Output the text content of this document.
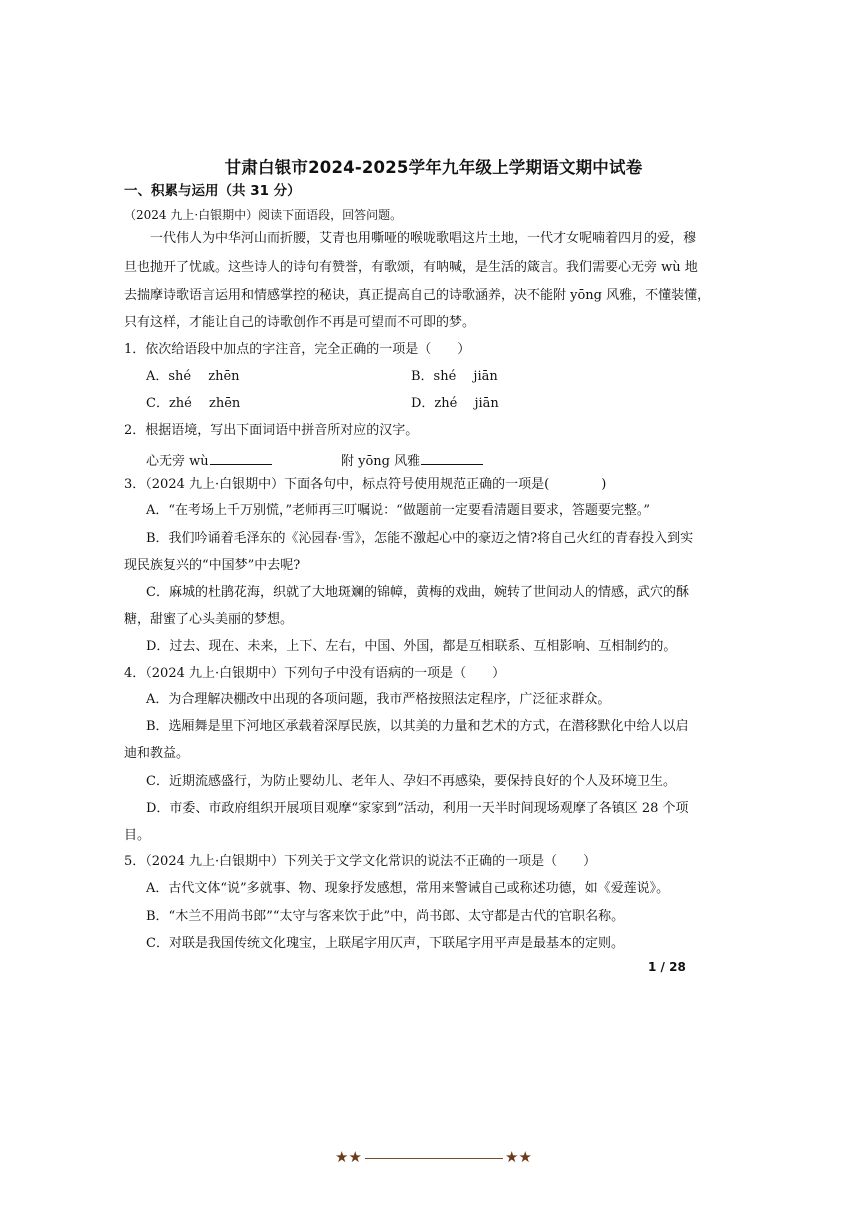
甘肃白银市2024-2025学年九年级上学期语文期中试卷
一、积累与运用（共 31 分）
（2024 九上·白银期中）阅读下面语段，回答问题。
一代伟人为中华河山而折腰，艾青也用嘶哑的喉咙歌唱这片土地，一代才女呢喃着四月的爱，穆
旦也抛开了忧戚。这些诗人的诗句有赞誉，有歌颂，有呐喊，是生活的箴言。我们需要心无旁 wù 地
去揣摩诗歌语言运用和情感掌控的秘诀，真正提高自己的诗歌涵养，决不能附 yōng 风雅，不懂装懂，
只有这样，才能让自己的诗歌创作不再是可望而不可即的梦。
1．依次给语段中加点的字注音，完全正确的一项是（　　）
A．shé　 zhēn	B．shé　 jiān
C．zhé　 zhēn	D．zhé　 jiān
2．根据语境，写出下面词语中拼音所对应的汉字。
心无旁 wù	附 yōng 风雅
3．（2024 九上·白银期中）下面各句中，标点符号使用规范正确的一项是(　　　　)
A．“在考场上千万别慌，”老师再三叮嘱说：“做题前一定要看清题目要求，答题要完整。”
B．我们吟诵着毛泽东的《沁园春·雪》，怎能不激起心中的豪迈之情?将自己火红的青春投入到实
现民族复兴的“中国梦”中去呢?
C．麻城的杜鹃花海，织就了大地斑斓的锦幛，黄梅的戏曲，婉转了世间动人的情感，武穴的酥
糖，甜蜜了心头美丽的梦想。
D．过去、现在、未来，上下、左右，中国、外国，都是互相联系、互相影响、互相制约的。
4．（2024 九上·白银期中）下列句子中没有语病的一项是（　　）
A．为合理解决棚改中出现的各项问题，我市严格按照法定程序，广泛征求群众。
B．选厢舞是里下河地区承载着深厚民族，以其美的力量和艺术的方式，在潜移默化中给人以启
迪和教益。
C．近期流感盛行，为防止婴幼儿、老年人、孕妇不再感染，要保持良好的个人及环境卫生。
D．市委、市政府组织开展项目观摩“家家到”活动，利用一天半时间现场观摩了各镇区 28 个项
目。
5．（2024 九上·白银期中）下列关于文学文化常识的说法不正确的一项是（　　）
A．古代文体“说”多就事、物、现象抒发感想，常用来警诫自己或称述功德，如《爱莲说》。
B．“木兰不用尚书郎”“太守与客来饮于此”中，尚书郎、太守都是古代的官职名称。
C．对联是我国传统文化瑰宝，上联尾字用仄声，下联尾字用平声是最基本的定则。
1 / 28
★★	★★
